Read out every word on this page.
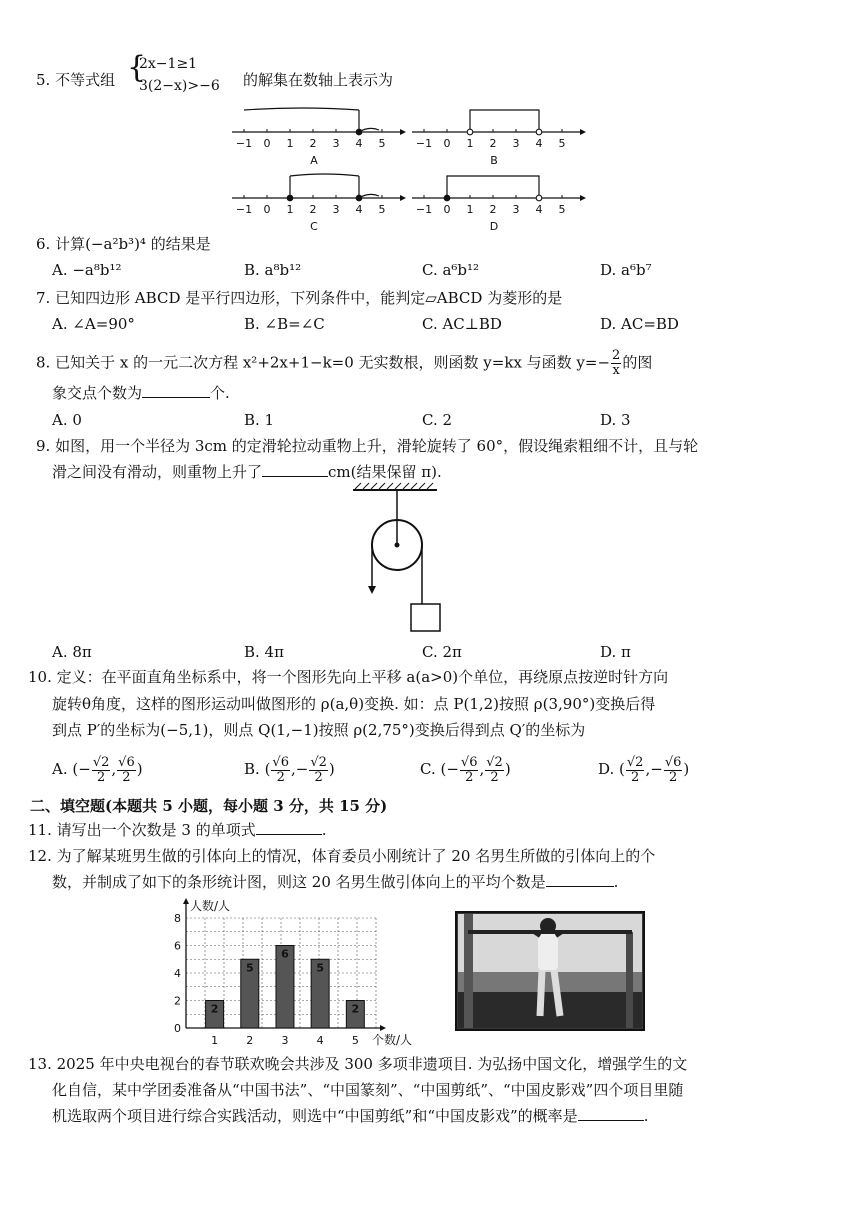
5. 不等式组 {
2x−1≥1
3(2−x)>−6 的解集在数轴上表示为
−1 0 1 2 3 4 5
A
−1 0 1 2 3 4 5
B
−1 0 1 2 3 4 5
C
−1 0 1 2 3 4 5
D
6. 计算(−a²b³)⁴ 的结果是
A. −a⁸b¹²	B. a⁸b¹²	C. a⁶b¹²	D. a⁶b⁷
7. 已知四边形 ABCD 是平行四边形，下列条件中，能判定▱ABCD 为菱形的是
A. ∠A=90°	B. ∠B=∠C	C. AC⊥BD	D. AC=BD
8. 已知关于 x 的一元二次方程 x²+2x+1−k=0 无实数根，则函数 y=kx 与函数 $y=- \frac{2}{x}$ 的图
象交点个数为	个.
A. 0	B. 1	C. 2	D. 3
9. 如图，用一个半径为 3cm 的定滑轮拉动重物上升，滑轮旋转了 60°，假设绳索粗细不计，且与轮
滑之间没有滑动，则重物上升了	cm(结果保留 π).
A. 8π	B. 4π	C. 2π	D. π
10. 定义：在平面直角坐标系中，将一个图形先向上平移 a(a>0)个单位，再绕原点按逆时针方向
旋转θ角度，这样的图形运动叫做图形的 ρ(a,θ)变换. 如：点 P(1,2)按照 ρ(3,90°)变换后得
到点 P′的坐标为(−5,1)，则点 Q(1,−1)按照 ρ(2,75°)变换后得到点 Q′的坐标为
A. (− $\frac{√2}{2}$ , $\frac{√6}{2}$ )	B. ( $\frac{√6}{2}$ ,− $\frac{√2}{2}$ )	C. (− $\frac{√6}{2}$ , $\frac{√2}{2}$ )	D. ( $\frac{√2}{2}$ ,− $\frac{√6}{2}$ )
二、填空题(本题共 5 小题，每小题 3 分，共 15 分)
11. 请写出一个次数是 3 的单项式	.
12. 为了解某班男生做的引体向上的情况，体育委员小刚统计了 20 名男生所做的引体向上的个
数，并制成了如下的条形统计图，则这 20 名男生做引体向上的平均个数是	.
0
2
4
6
8
人数/人
个数/人
2
1
5
2
6
3
5
4
2
5
13. 2025 年中央电视台的春节联欢晚会共涉及 300 多项非遗项目. 为弘扬中国文化，增强学生的文
化自信，某中学团委准备从“中国书法”、“中国篆刻”、“中国剪纸”、“中国皮影戏”四个项目里随
机选取两个项目进行综合实践活动，则选中“中国剪纸”和“中国皮影戏”的概率是	.
